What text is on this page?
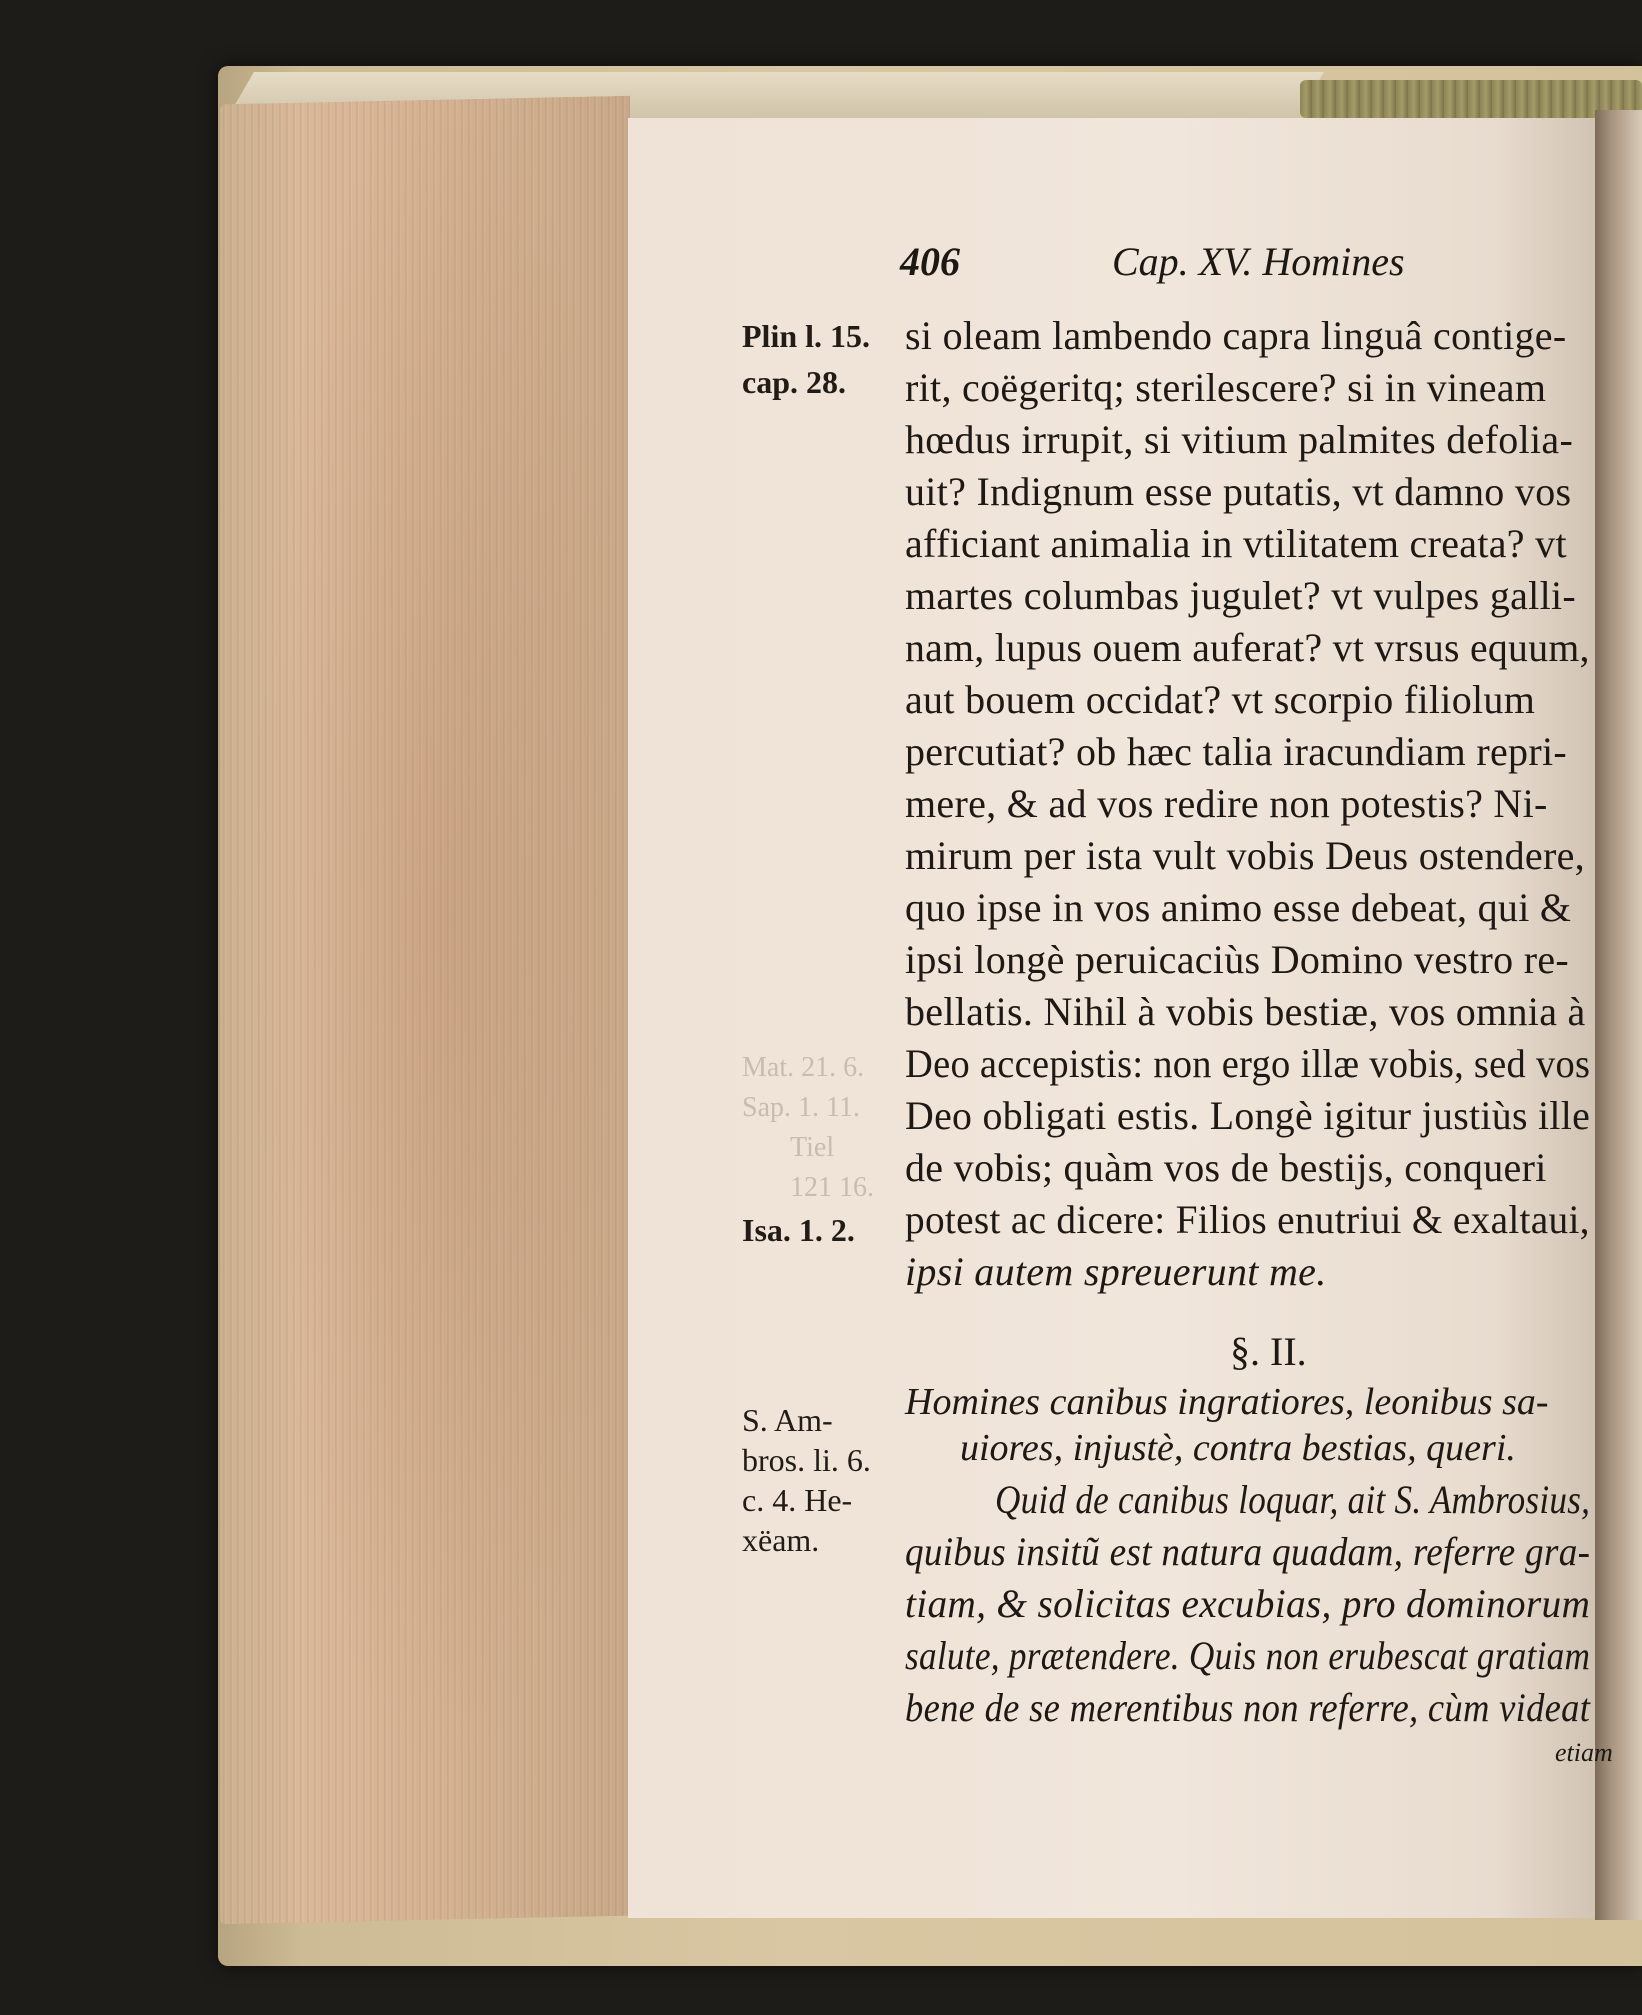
Mat. 21. 6.
Sap. 1. 11.
Tiel
121 16.
406	Cap. XV. Homines
Plin l. 15.
cap. 28.
Isa. 1. 2.
S. Am-
bros. li. 6.
c. 4. He-
xëam.
si oleam lambendo capra linguâ contige-
rit, coëgeritq; sterilescere? si in vineam
hœdus irrupit, si vitium palmites defolia-
uit? Indignum esse putatis, vt damno vos
afficiant animalia in vtilitatem creata? vt
martes columbas jugulet? vt vulpes galli-
nam, lupus ouem auferat? vt vrsus equum,
aut bouem occidat? vt scorpio filiolum
percutiat? ob hæc talia iracundiam repri-
mere, & ad vos redire non potestis? Ni-
mirum per ista vult vobis Deus ostendere,
quo ipse in vos animo esse debeat, qui &
ipsi longè peruicaciùs Domino vestro re-
bellatis. Nihil à vobis bestiæ, vos omnia à
Deo accepistis: non ergo illæ vobis, sed vos
Deo obligati estis. Longè igitur justiùs ille
de vobis; quàm vos de bestijs, conqueri
potest ac dicere: Filios enutriui & exaltaui,
ipsi autem spreuerunt me.
§. II.
Homines canibus ingratiores, leonibus sa-
uiores, injustè, contra bestias, queri.
Quid de canibus loquar, ait S. Ambrosius,
quibus insitũ est natura quadam, referre gra-
tiam, & solicitas excubias, pro dominorum
salute, prætendere. Quis non erubescat gratiam
bene de se merentibus non referre, cùm videat
etiam
